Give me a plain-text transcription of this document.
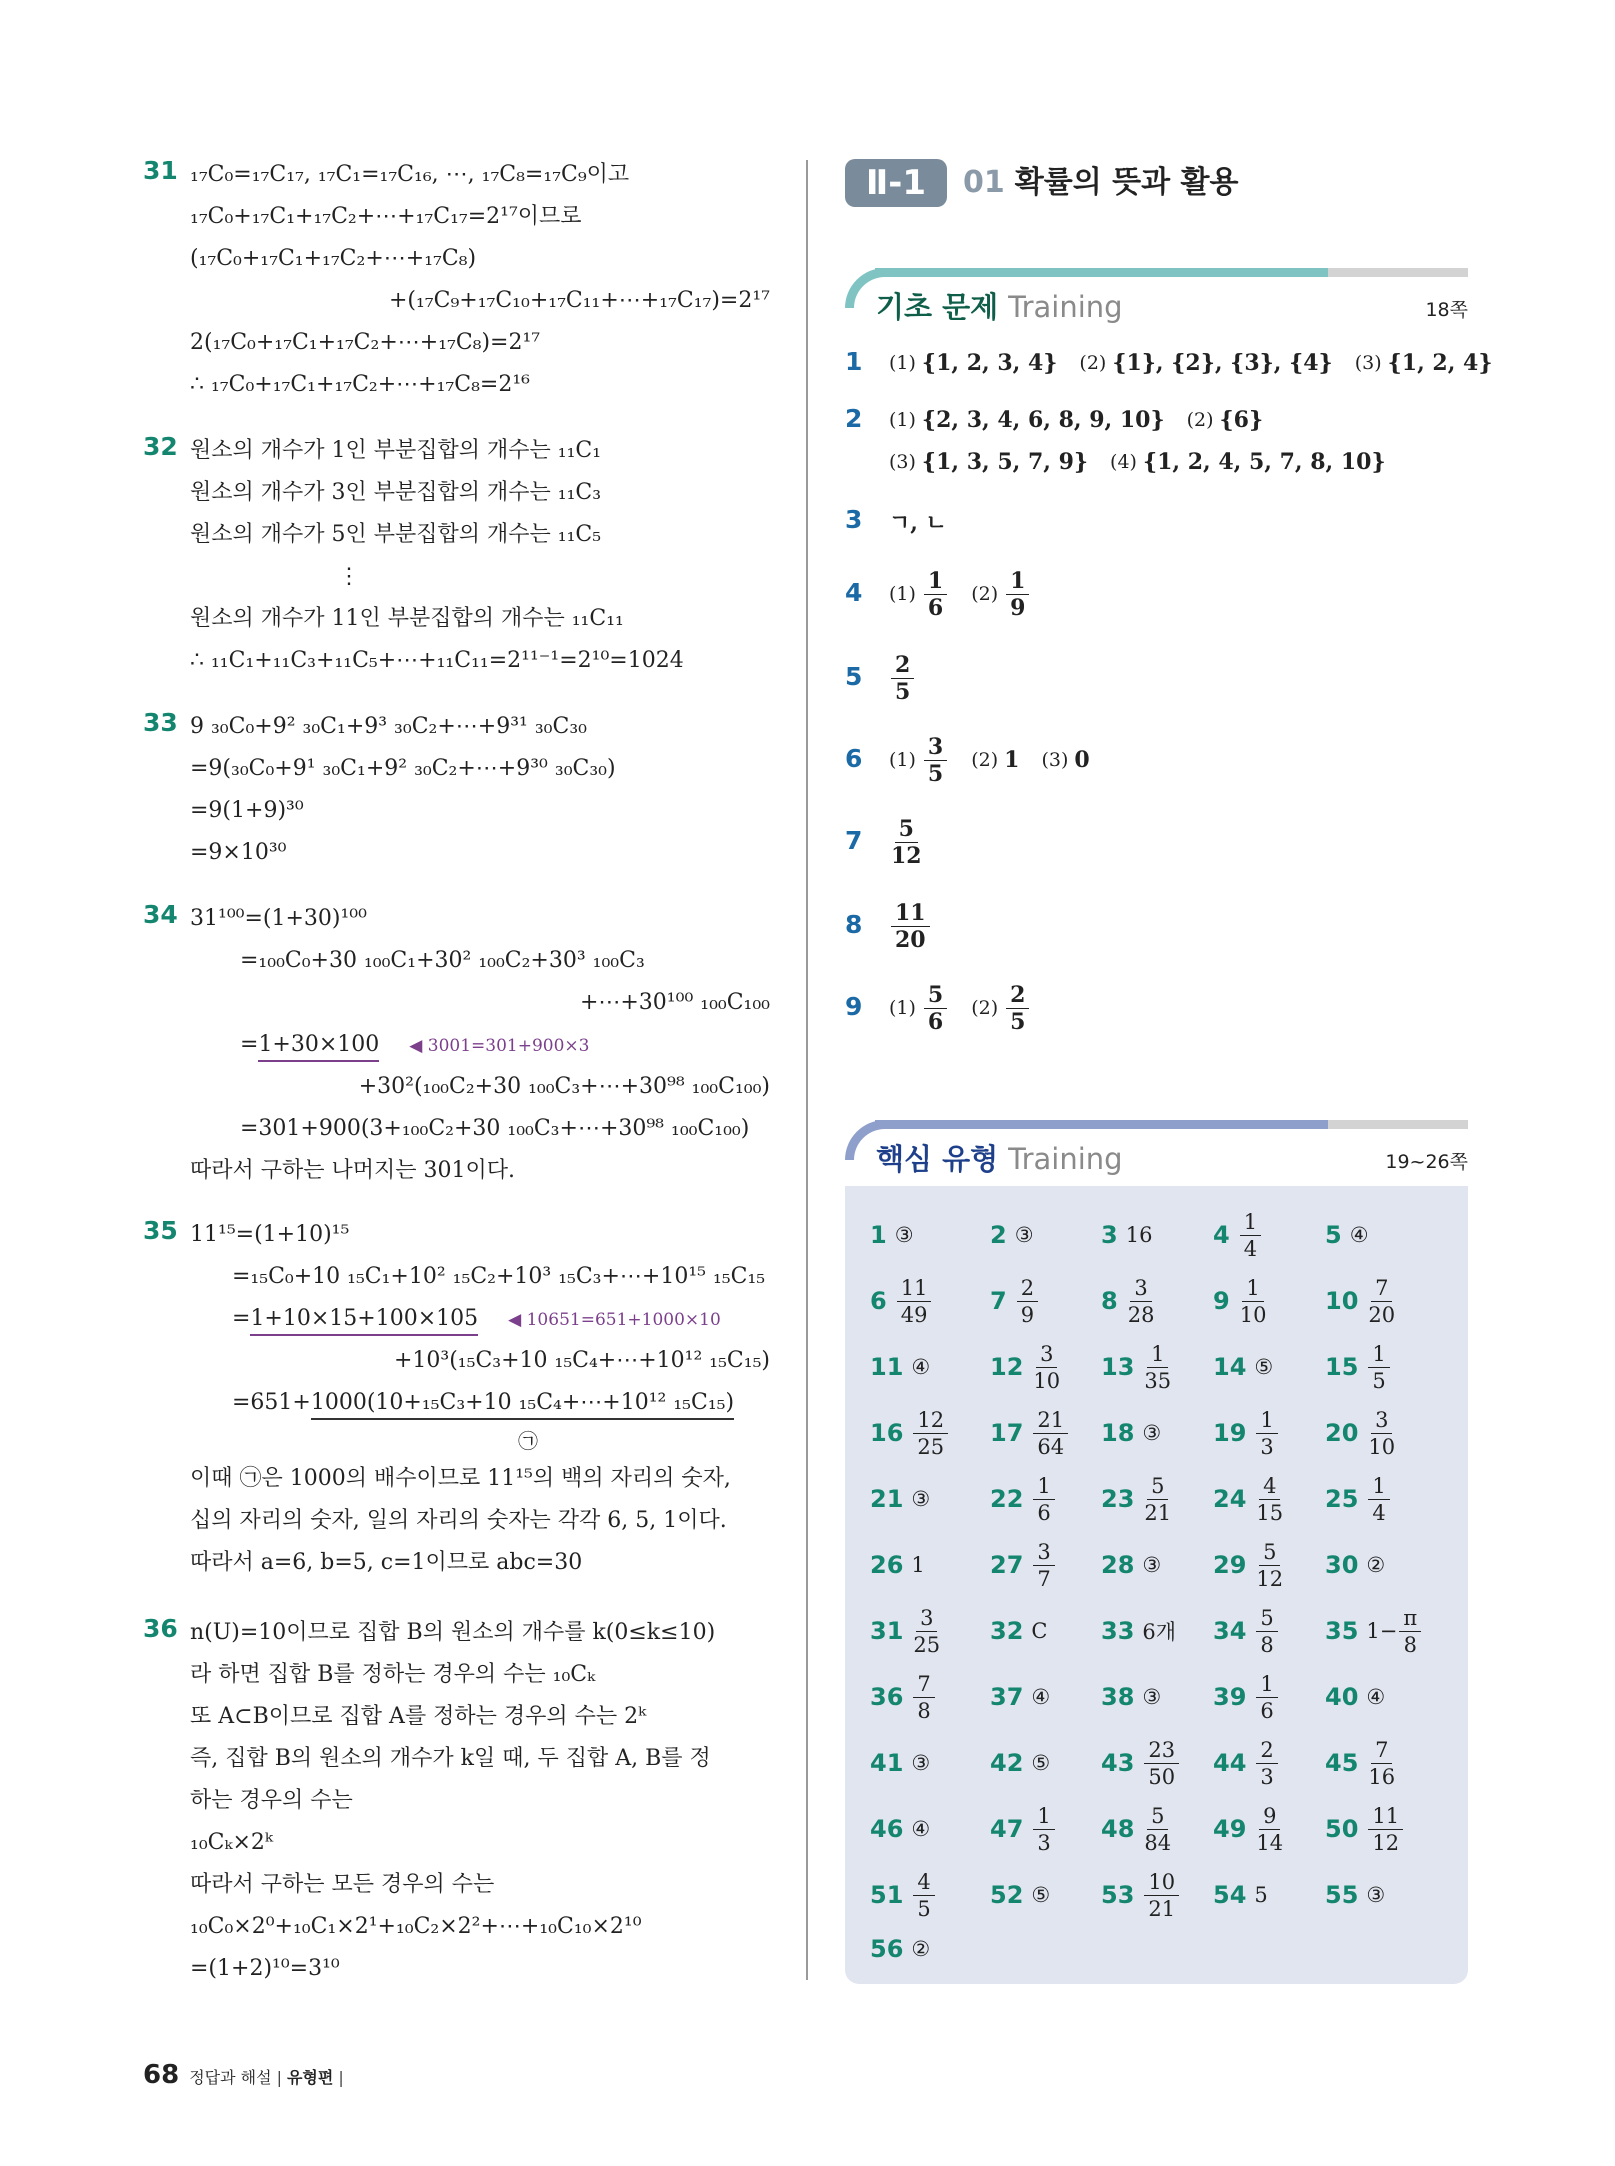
31 ₁₇C₀=₁₇C₁₇, ₁₇C₁=₁₇C₁₆, ⋯, ₁₇C₈=₁₇C₉이고
₁₇C₀+₁₇C₁+₁₇C₂+⋯+₁₇C₁₇=2¹⁷이므로
(₁₇C₀+₁₇C₁+₁₇C₂+⋯+₁₇C₈)
+(₁₇C₉+₁₇C₁₀+₁₇C₁₁+⋯+₁₇C₁₇)=2¹⁷
2(₁₇C₀+₁₇C₁+₁₇C₂+⋯+₁₇C₈)=2¹⁷
∴ ₁₇C₀+₁₇C₁+₁₇C₂+⋯+₁₇C₈=2¹⁶
32 원소의 개수가 1인 부분집합의 개수는 ₁₁C₁
원소의 개수가 3인 부분집합의 개수는 ₁₁C₃
원소의 개수가 5인 부분집합의 개수는 ₁₁C₅
⋮
원소의 개수가 11인 부분집합의 개수는 ₁₁C₁₁
∴ ₁₁C₁+₁₁C₃+₁₁C₅+⋯+₁₁C₁₁=2¹¹⁻¹=2¹⁰=1024
33 9 ₃₀C₀+9² ₃₀C₁+9³ ₃₀C₂+⋯+9³¹ ₃₀C₃₀
=9(₃₀C₀+9¹ ₃₀C₁+9² ₃₀C₂+⋯+9³⁰ ₃₀C₃₀)
=9(1+9)³⁰
=9×10³⁰
34 31¹⁰⁰=(1+30)¹⁰⁰
=₁₀₀C₀+30 ₁₀₀C₁+30² ₁₀₀C₂+30³ ₁₀₀C₃
+⋯+30¹⁰⁰ ₁₀₀C₁₀₀
=1+30×100 ◀ 3001=301+900×3
+30²(₁₀₀C₂+30 ₁₀₀C₃+⋯+30⁹⁸ ₁₀₀C₁₀₀)
=301+900(3+₁₀₀C₂+30 ₁₀₀C₃+⋯+30⁹⁸ ₁₀₀C₁₀₀)
따라서 구하는 나머지는 301이다.
35 11¹⁵=(1+10)¹⁵
=₁₅C₀+10 ₁₅C₁+10² ₁₅C₂+10³ ₁₅C₃+⋯+10¹⁵ ₁₅C₁₅
=1+10×15+100×105 ◀ 10651=651+1000×10
+10³(₁₅C₃+10 ₁₅C₄+⋯+10¹² ₁₅C₁₅)
=651+1000(10+₁₅C₃+10 ₁₅C₄+⋯+10¹² ₁₅C₁₅)
㉠
이때 ㉠은 1000의 배수이므로 11¹⁵의 백의 자리의 숫자,
십의 자리의 숫자, 일의 자리의 숫자는 각각 6, 5, 1이다.
따라서 a=6, b=5, c=1이므로 abc=30
36 n(U)=10이므로 집합 B의 원소의 개수를 k(0≤k≤10)
라 하면 집합 B를 정하는 경우의 수는 ₁₀Cₖ
또 A⊂B이므로 집합 A를 정하는 경우의 수는 2ᵏ
즉, 집합 B의 원소의 개수가 k일 때, 두 집합 A, B를 정
하는 경우의 수는
₁₀Cₖ×2ᵏ
따라서 구하는 모든 경우의 수는
₁₀C₀×2⁰+₁₀C₁×2¹+₁₀C₂×2²+⋯+₁₀C₁₀×2¹⁰
=(1+2)¹⁰=3¹⁰
Ⅱ-1	01 확률의 뜻과 활용
기초 문제 Training	18쪽
1 (1) {1, 2, 3, 4} (2) {1}, {2}, {3}, {4} (3) {1, 2, 4}
2 (1) {2, 3, 4, 6, 8, 9, 10} (2) {6}
(3) {1, 3, 5, 7, 9} (4) {1, 2, 4, 5, 7, 8, 10}
3 ㄱ, ㄴ
4 $(1) \frac{1}{6} (2) \frac{1}{9}$
$5 \frac{2}{5}$
6 $(1) \frac{3}{5} (2)$ 1 (3) 0
$7 \frac{5}{12}$
$8 \frac{11}{20}$
9 $(1) \frac{5}{6} (2) \frac{2}{5}$
핵심 유형 Training	19~26쪽
1 ③	2 ③	3 16	$4 \frac{1}{4}$	5 ④
$6 \frac{11}{49} 7 \frac{2}{9}$	$8 \frac{3}{28} 9 \frac{1}{10} 10 \frac{7}{20}$
11 ④ $12 \frac{3}{10} 13 \frac{1}{35} 14$ ⑤ $15 \frac{1}{5}$
$16 \frac{12}{25} 17 \frac{21}{64} 18$ ③ $19 \frac{1}{3} 20 \frac{3}{10}$
21 ③ $22 \frac{1}{6} 23 \frac{5}{21} 24 \frac{4}{15} 25 \frac{1}{4}$
26 1	$27 \frac{3}{7} 28$ ③ $29 \frac{5}{12} 30$ ②
$31 \frac{3}{25} 32$ C 33 6개 $34 \frac{5}{8} 35$ $1- \frac{\pi}{8}$
$36 \frac{7}{8} 37$ ④ 38 ③ $39 \frac{1}{6} 40$ ④
41 ③ 42 ⑤ $43 \frac{23}{50} 44 \frac{2}{3} 45 \frac{7}{16}$
46 ④ $47 \frac{1}{3} 48 \frac{5}{84} 49 \frac{9}{14} 50 \frac{11}{12}$
$51 \frac{4}{5} 52$ ⑤ $53 \frac{10}{21} 54$ 5 55 ③
56 ②
68 정답과 해설 | 유형편 |
